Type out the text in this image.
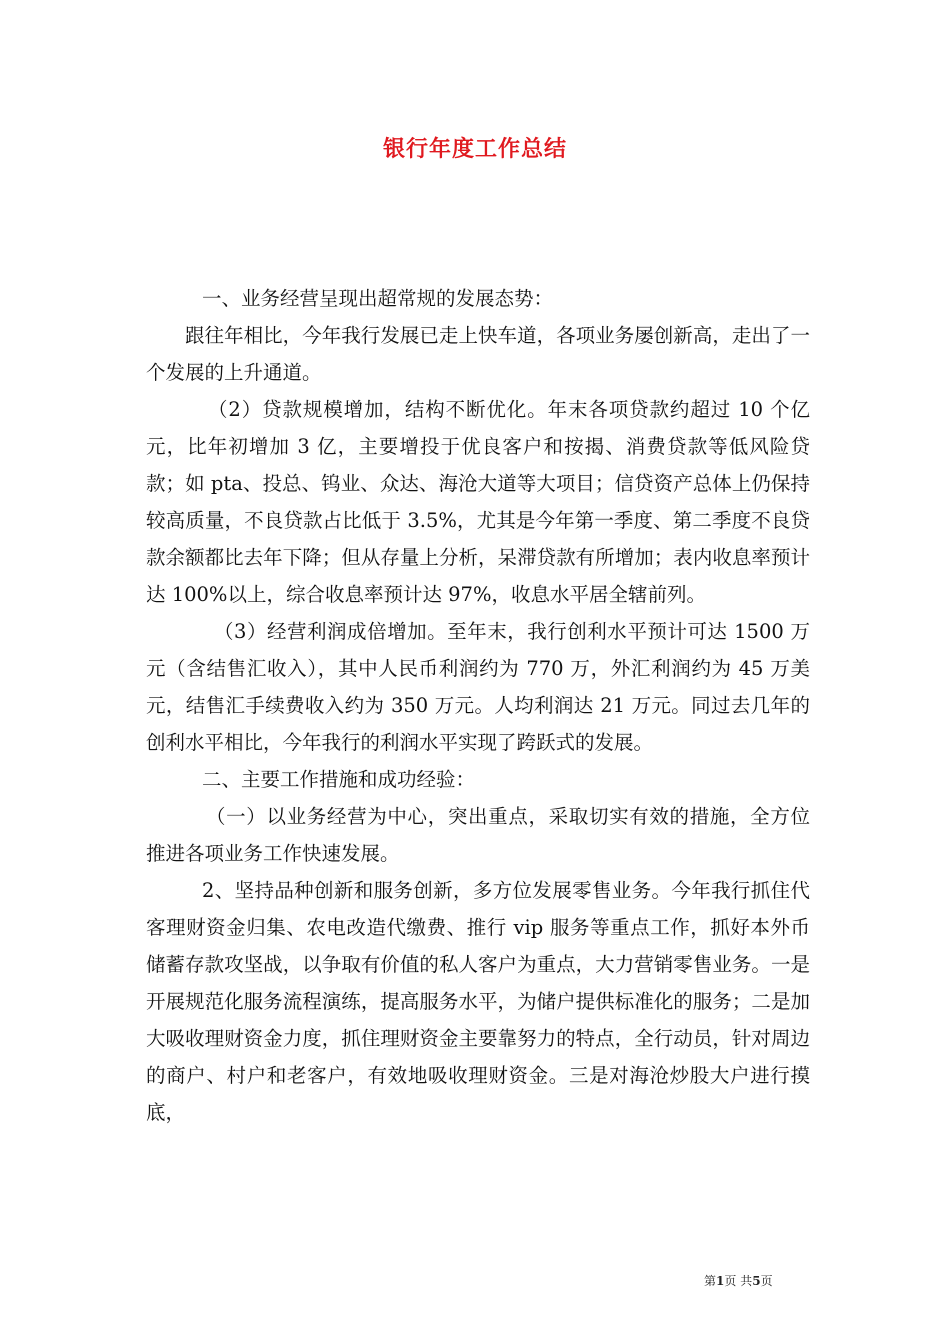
银行年度工作总结

一、业务经营呈现出超常规的发展态势：

跟往年相比，今年我行发展已走上快车道，各项业务屡创新高，走出了一个发展的上升通道。

（2）贷款规模增加，结构不断优化。年末各项贷款约超过 10 个亿元，比年初增加 3 亿，主要增投于优良客户和按揭、消费贷款等低风险贷款；如 pta、投总、钨业、众达、海沧大道等大项目；信贷资产总体上仍保持较高质量，不良贷款占比低于 3.5%，尤其是今年第一季度、第二季度不良贷款余额都比去年下降；但从存量上分析，呆滞贷款有所增加；表内收息率预计达 100%以上，综合收息率预计达 97%，收息水平居全辖前列。

（3）经营利润成倍增加。至年末，我行创利水平预计可达 1500 万元（含结售汇收入），其中人民币利润约为 770 万，外汇利润约为 45 万美元，结售汇手续费收入约为 350 万元。人均利润达 21 万元。同过去几年的创利水平相比，今年我行的利润水平实现了跨跃式的发展。

二、主要工作措施和成功经验：

（一）以业务经营为中心，突出重点，采取切实有效的措施，全方位推进各项业务工作快速发展。

2、坚持品种创新和服务创新，多方位发展零售业务。今年我行抓住代客理财资金归集、农电改造代缴费、推行 vip 服务等重点工作，抓好本外币储蓄存款攻坚战，以争取有价值的私人客户为重点，大力营销零售业务。一是开展规范化服务流程演练，提高服务水平，为储户提供标准化的服务；二是加大吸收理财资金力度，抓住理财资金主要靠努力的特点，全行动员，针对周边的商户、村户和老客户，有效地吸收理财资金。三是对海沧炒股大户进行摸底，

第1页 共5页
